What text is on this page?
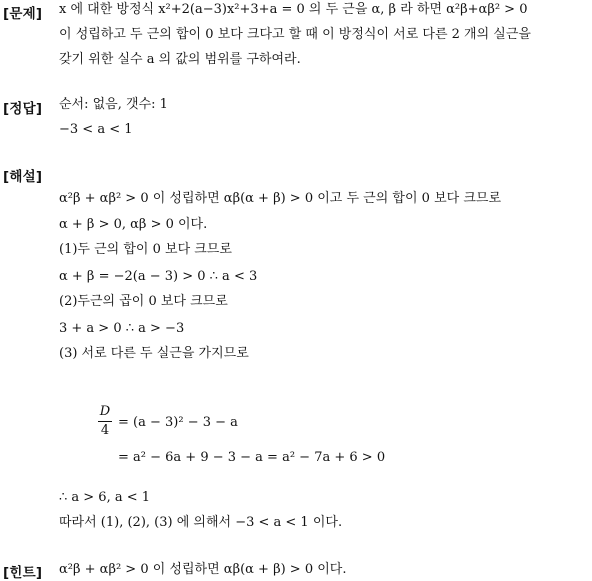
[문제] x 에 대한 방정식 x²+2(a−3)x²+3+a = 0 의 두 근을 α, β 라 하면 α²β+αβ² > 0
이 성립하고 두 근의 합이 0 보다 크다고 할 때 이 방정식이 서로 다른 2 개의 실근을
갖기 위한 실수 a 의 값의 범위를 구하여라.
[정답] 순서: 없음, 갯수: 1
−3 < a < 1
[해설]
α²β + αβ² > 0 이 성립하면 αβ(α + β) > 0 이고 두 근의 합이 0 보다 크므로
α + β > 0, αβ > 0 이다.
(1)두 근의 합이 0 보다 크므로
α + β = −2(a − 3) > 0 ∴ a < 3
(2)두근의 곱이 0 보다 크므로
3 + a > 0 ∴ a > −3
(3) 서로 다른 두 실근을 가지므로
D
4
= (a − 3)² − 3 − a
= a² − 6a + 9 − 3 − a = a² − 7a + 6 > 0
∴ a > 6, a < 1
따라서 (1), (2), (3) 에 의해서 −3 < a < 1 이다.
[힌트] α²β + αβ² > 0 이 성립하면 αβ(α + β) > 0 이다.
